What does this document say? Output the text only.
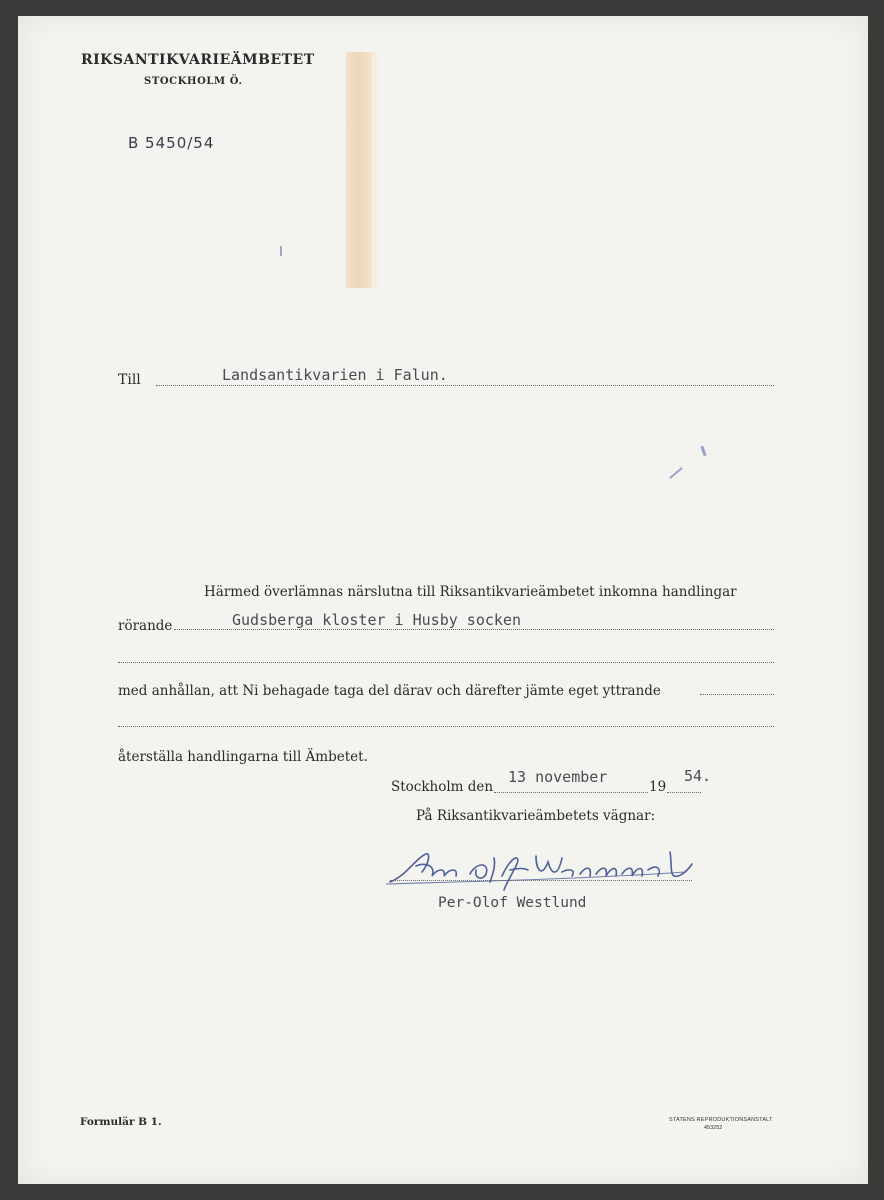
RIKSANTIKVARIEÄMBETET
STOCKHOLM Ö.
B 5450/54
Till	Landsantikvarien i Falun.
Härmed överlämnas närslutna till Riksantikvarieämbetet inkomna handlingar
rörande	Gudsberga kloster i Husby socken
med anhållan, att Ni behagade taga del därav och därefter jämte eget yttrande
återställa handlingarna till Ämbetet.
Stockholm den
13 november
19
54.
På Riksantikvarieämbetets vägnar:
Per-Olof Westlund
Formulär B 1.	STATENS REPRODUKTIONSANSTALT
453252
